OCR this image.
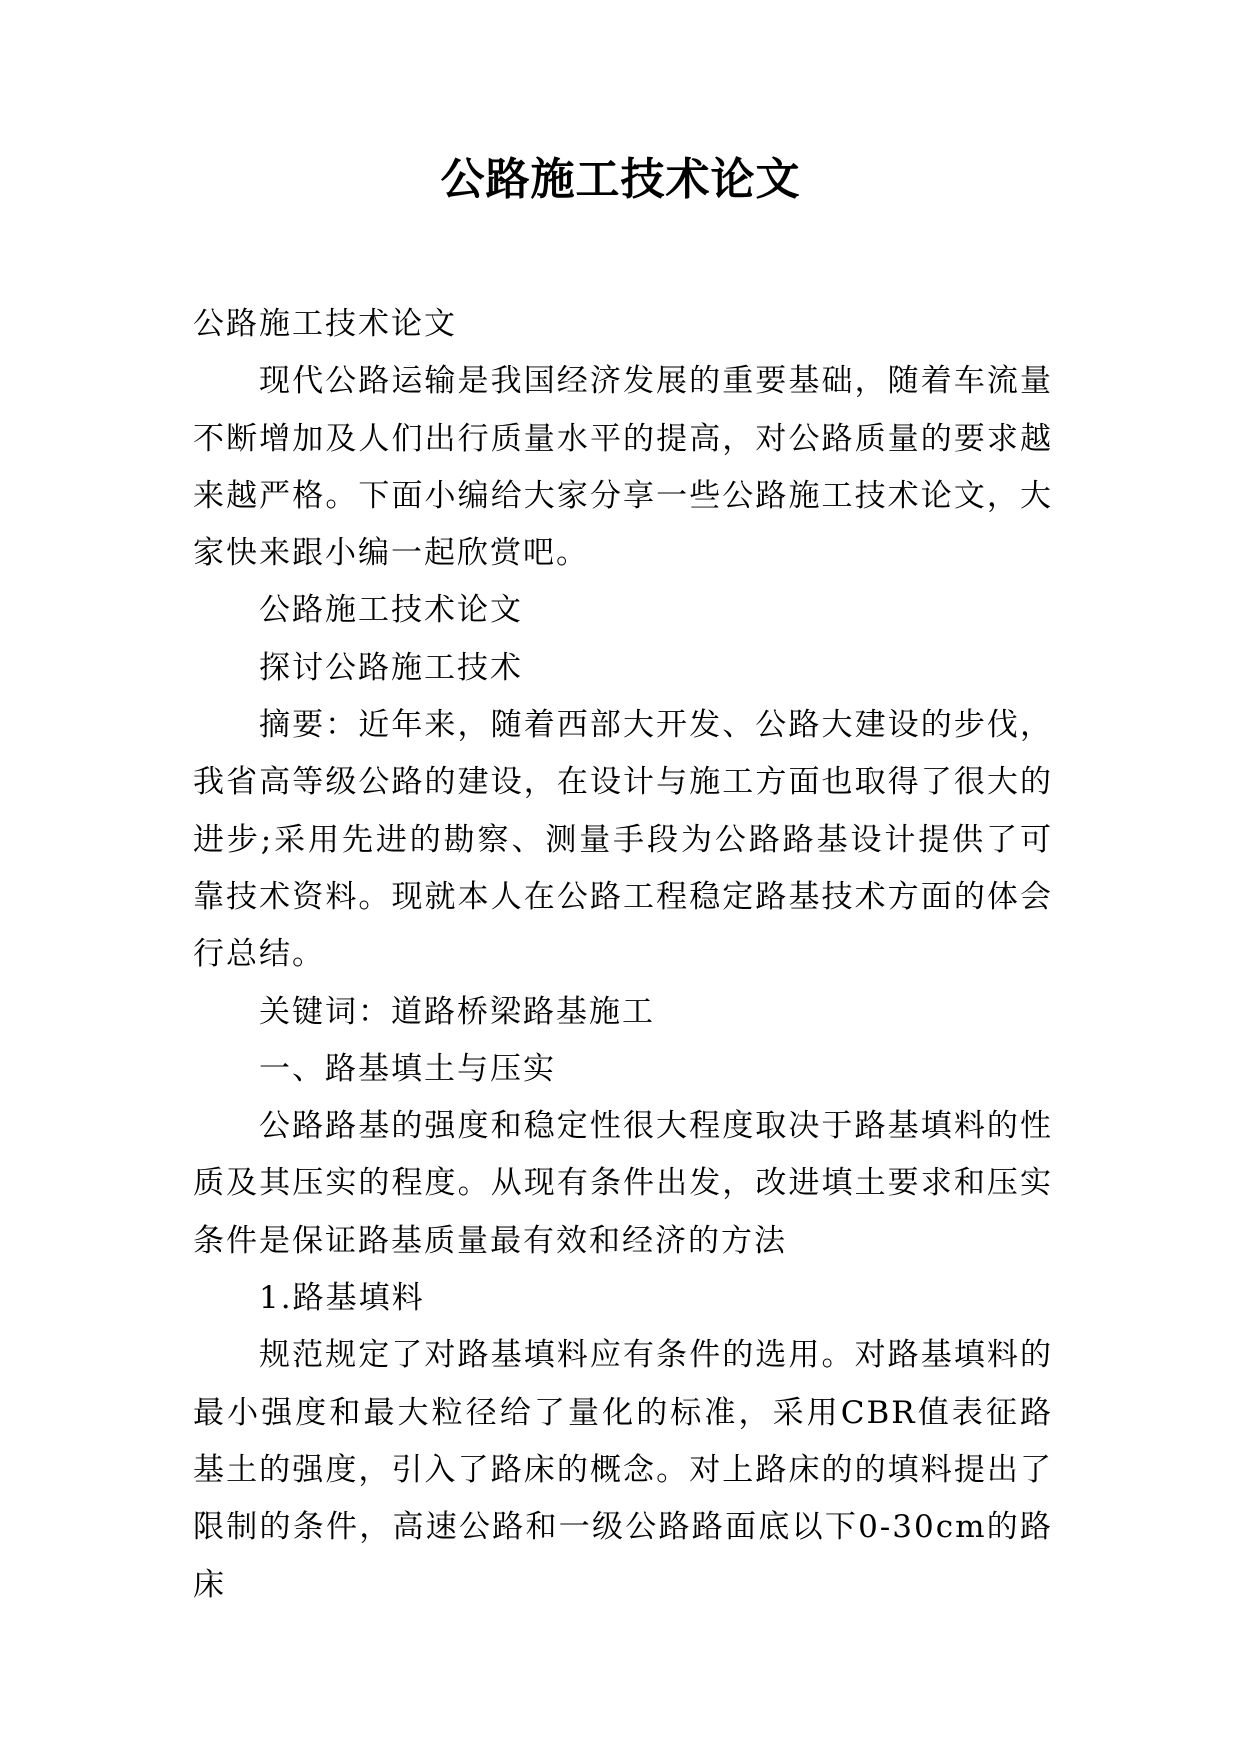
公路施工技术论文

公路施工技术论文

现代公路运输是我国经济发展的重要基础，随着车流量不断增加及人们出行质量水平的提高，对公路质量的要求越来越严格。下面小编给大家分享一些公路施工技术论文，大家快来跟小编一起欣赏吧。

公路施工技术论文

探讨公路施工技术

摘要：近年来，随着西部大开发、公路大建设的步伐，我省高等级公路的建设，在设计与施工方面也取得了很大的进步;采用先进的勘察、测量手段为公路路基设计提供了可靠技术资料。现就本人在公路工程稳定路基技术方面的体会行总结。

关键词：道路桥梁路基施工

一、路基填土与压实

公路路基的强度和稳定性很大程度取决于路基填料的性质及其压实的程度。从现有条件出发，改进填土要求和压实条件是保证路基质量最有效和经济的方法

1.路基填料

规范规定了对路基填料应有条件的选用。对路基填料的最小强度和最大粒径给了量化的标准，采用CBR值表征路基土的强度，引入了路床的概念。对上路床的的填料提出了限制的条件，高速公路和一级公路路面底以下0-30cm的路床
